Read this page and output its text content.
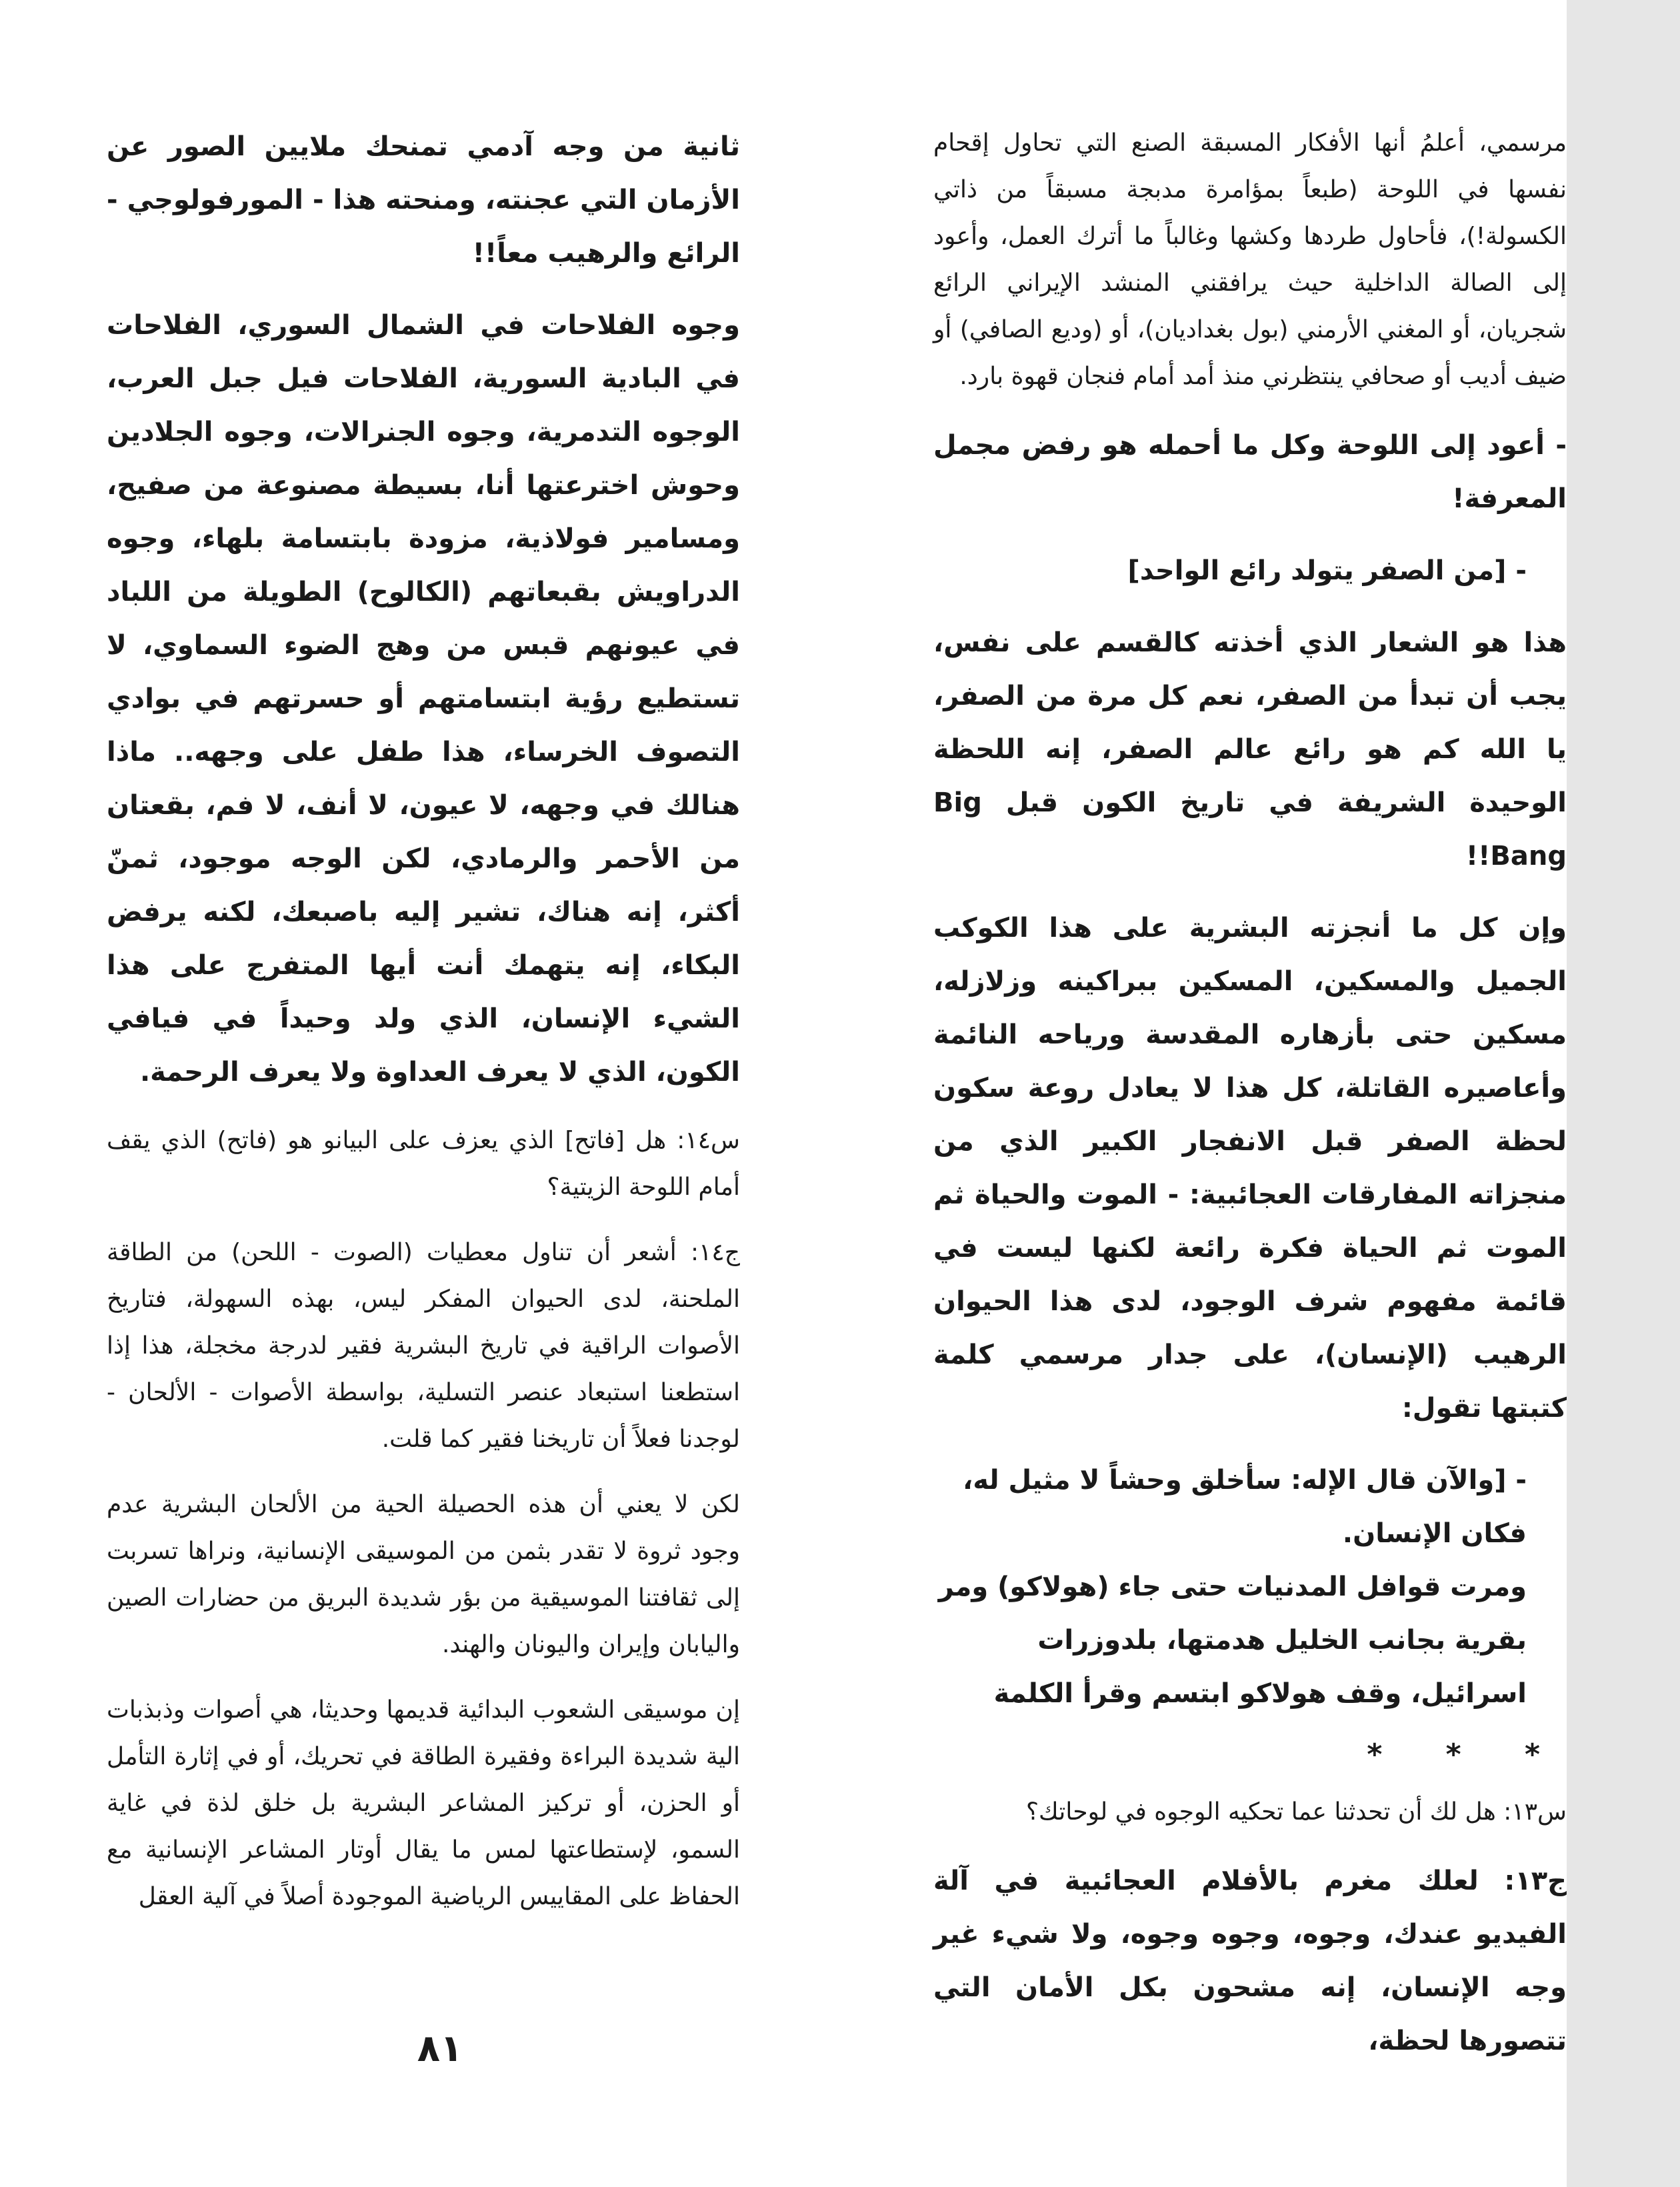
مرسمي، أعلمُ أنها الأفكار المسبقة الصنع التي تحاول إقحام نفسها في اللوحة (طبعاً بمؤامرة مدبجة مسبقاً من ذاتي الكسولة!)، فأحاول طردها وكشها وغالباً ما أترك العمل، وأعود إلى الصالة الداخلية حيث يرافقني المنشد الإيراني الرائع شجريان، أو المغني الأرمني (بول بغداديان)، أو (وديع الصافي) أو ضيف أديب أو صحافي ينتظرني منذ أمد أمام فنجان قهوة بارد.

- أعود إلى اللوحة وكل ما أحمله هو رفض مجمل المعرفة!

- [من الصفر يتولد رائع الواحد]

هذا هو الشعار الذي أخذته كالقسم على نفس، يجب أن تبدأ من الصفر، نعم كل مرة من الصفر، يا الله كم هو رائع عالم الصفر، إنه اللحظة الوحيدة الشريفة في تاريخ الكون قبل Big Bang!!

وإن كل ما أنجزته البشرية على هذا الكوكب الجميل والمسكين، المسكين ببراكينه وزلازله، مسكين حتى بأزهاره المقدسة ورياحه النائمة وأعاصيره القاتلة، كل هذا لا يعادل روعة سكون لحظة الصفر قبل الانفجار الكبير الذي من منجزاته المفارقات العجائبية: - الموت والحياة ثم الموت ثم الحياة فكرة رائعة لكنها ليست في قائمة مفهوم شرف الوجود، لدى هذا الحيوان الرهيب (الإنسان)، على جدار مرسمي كلمة كتبتها تقول:

- [والآن قال الإله: سأخلق وحشاً لا مثيل له،
فكان الإنسان.
ومرت قوافل المدنيات حتى جاء (هولاكو) ومر
بقرية بجانب الخليل هدمتها، بلدوزرات
اسرائيل، وقف هولاكو ابتسم وقرأ الكلمة
* * *

س١٣: هل لك أن تحدثنا عما تحكيه الوجوه في لوحاتك؟

ج١٣: لعلك مغرم بالأفلام العجائبية في آلة الفيديو عندك، وجوه، وجوه وجوه، ولا شيء غير وجه الإنسان، إنه مشحون بكل الأمان التي تتصورها لحظة،

ثانية من وجه آدمي تمنحك ملايين الصور عن الأزمان التي عجنته، ومنحته هذا - المورفولوجي - الرائع والرهيب معاً!!

وجوه الفلاحات في الشمال السوري، الفلاحات في البادية السورية، الفلاحات فيل جبل العرب، الوجوه التدمرية، وجوه الجنرالات، وجوه الجلادين وحوش اخترعتها أنا، بسيطة مصنوعة من صفيح، ومسامير فولاذية، مزودة بابتسامة بلهاء، وجوه الدراويش بقبعاتهم (الكالوح) الطويلة من اللباد في عيونهم قبس من وهج الضوء السماوي، لا تستطيع رؤية ابتسامتهم أو حسرتهم في بوادي التصوف الخرساء، هذا طفل على وجهه.. ماذا هنالك في وجهه، لا عيون، لا أنف، لا فم، بقعتان من الأحمر والرمادي، لكن الوجه موجود، ثمنّ أكثر، إنه هناك، تشير إليه باصبعك، لكنه يرفض البكاء، إنه يتهمك أنت أيها المتفرج على هذا الشيء الإنسان، الذي ولد وحيداً في فيافي الكون، الذي لا يعرف العداوة ولا يعرف الرحمة.

س١٤: هل [فاتح] الذي يعزف على البيانو هو (فاتح) الذي يقف أمام اللوحة الزيتية؟

ج١٤: أشعر أن تناول معطيات (الصوت - اللحن) من الطاقة الملحنة، لدى الحيوان المفكر ليس، بهذه السهولة، فتاريخ الأصوات الراقية في تاريخ البشرية فقير لدرجة مخجلة، هذا إذا استطعنا استبعاد عنصر التسلية، بواسطة الأصوات - الألحان - لوجدنا فعلاً أن تاريخنا فقير كما قلت.

لكن لا يعني أن هذه الحصيلة الحية من الألحان البشرية عدم وجود ثروة لا تقدر بثمن من الموسيقى الإنسانية، ونراها تسربت إلى ثقافتنا الموسيقية من بؤر شديدة البريق من حضارات الصين واليابان وإيران واليونان والهند.

إن موسيقى الشعوب البدائية قديمها وحديثا، هي أصوات وذبذبات الية شديدة البراءة وفقيرة الطاقة في تحريك، أو في إثارة التأمل أو الحزن، أو تركيز المشاعر البشرية بل خلق لذة في غاية السمو، لإستطاعتها لمس ما يقال أوتار المشاعر الإنسانية مع الحفاظ على المقاييس الرياضية الموجودة أصلاً في آلية العقل

٨١
